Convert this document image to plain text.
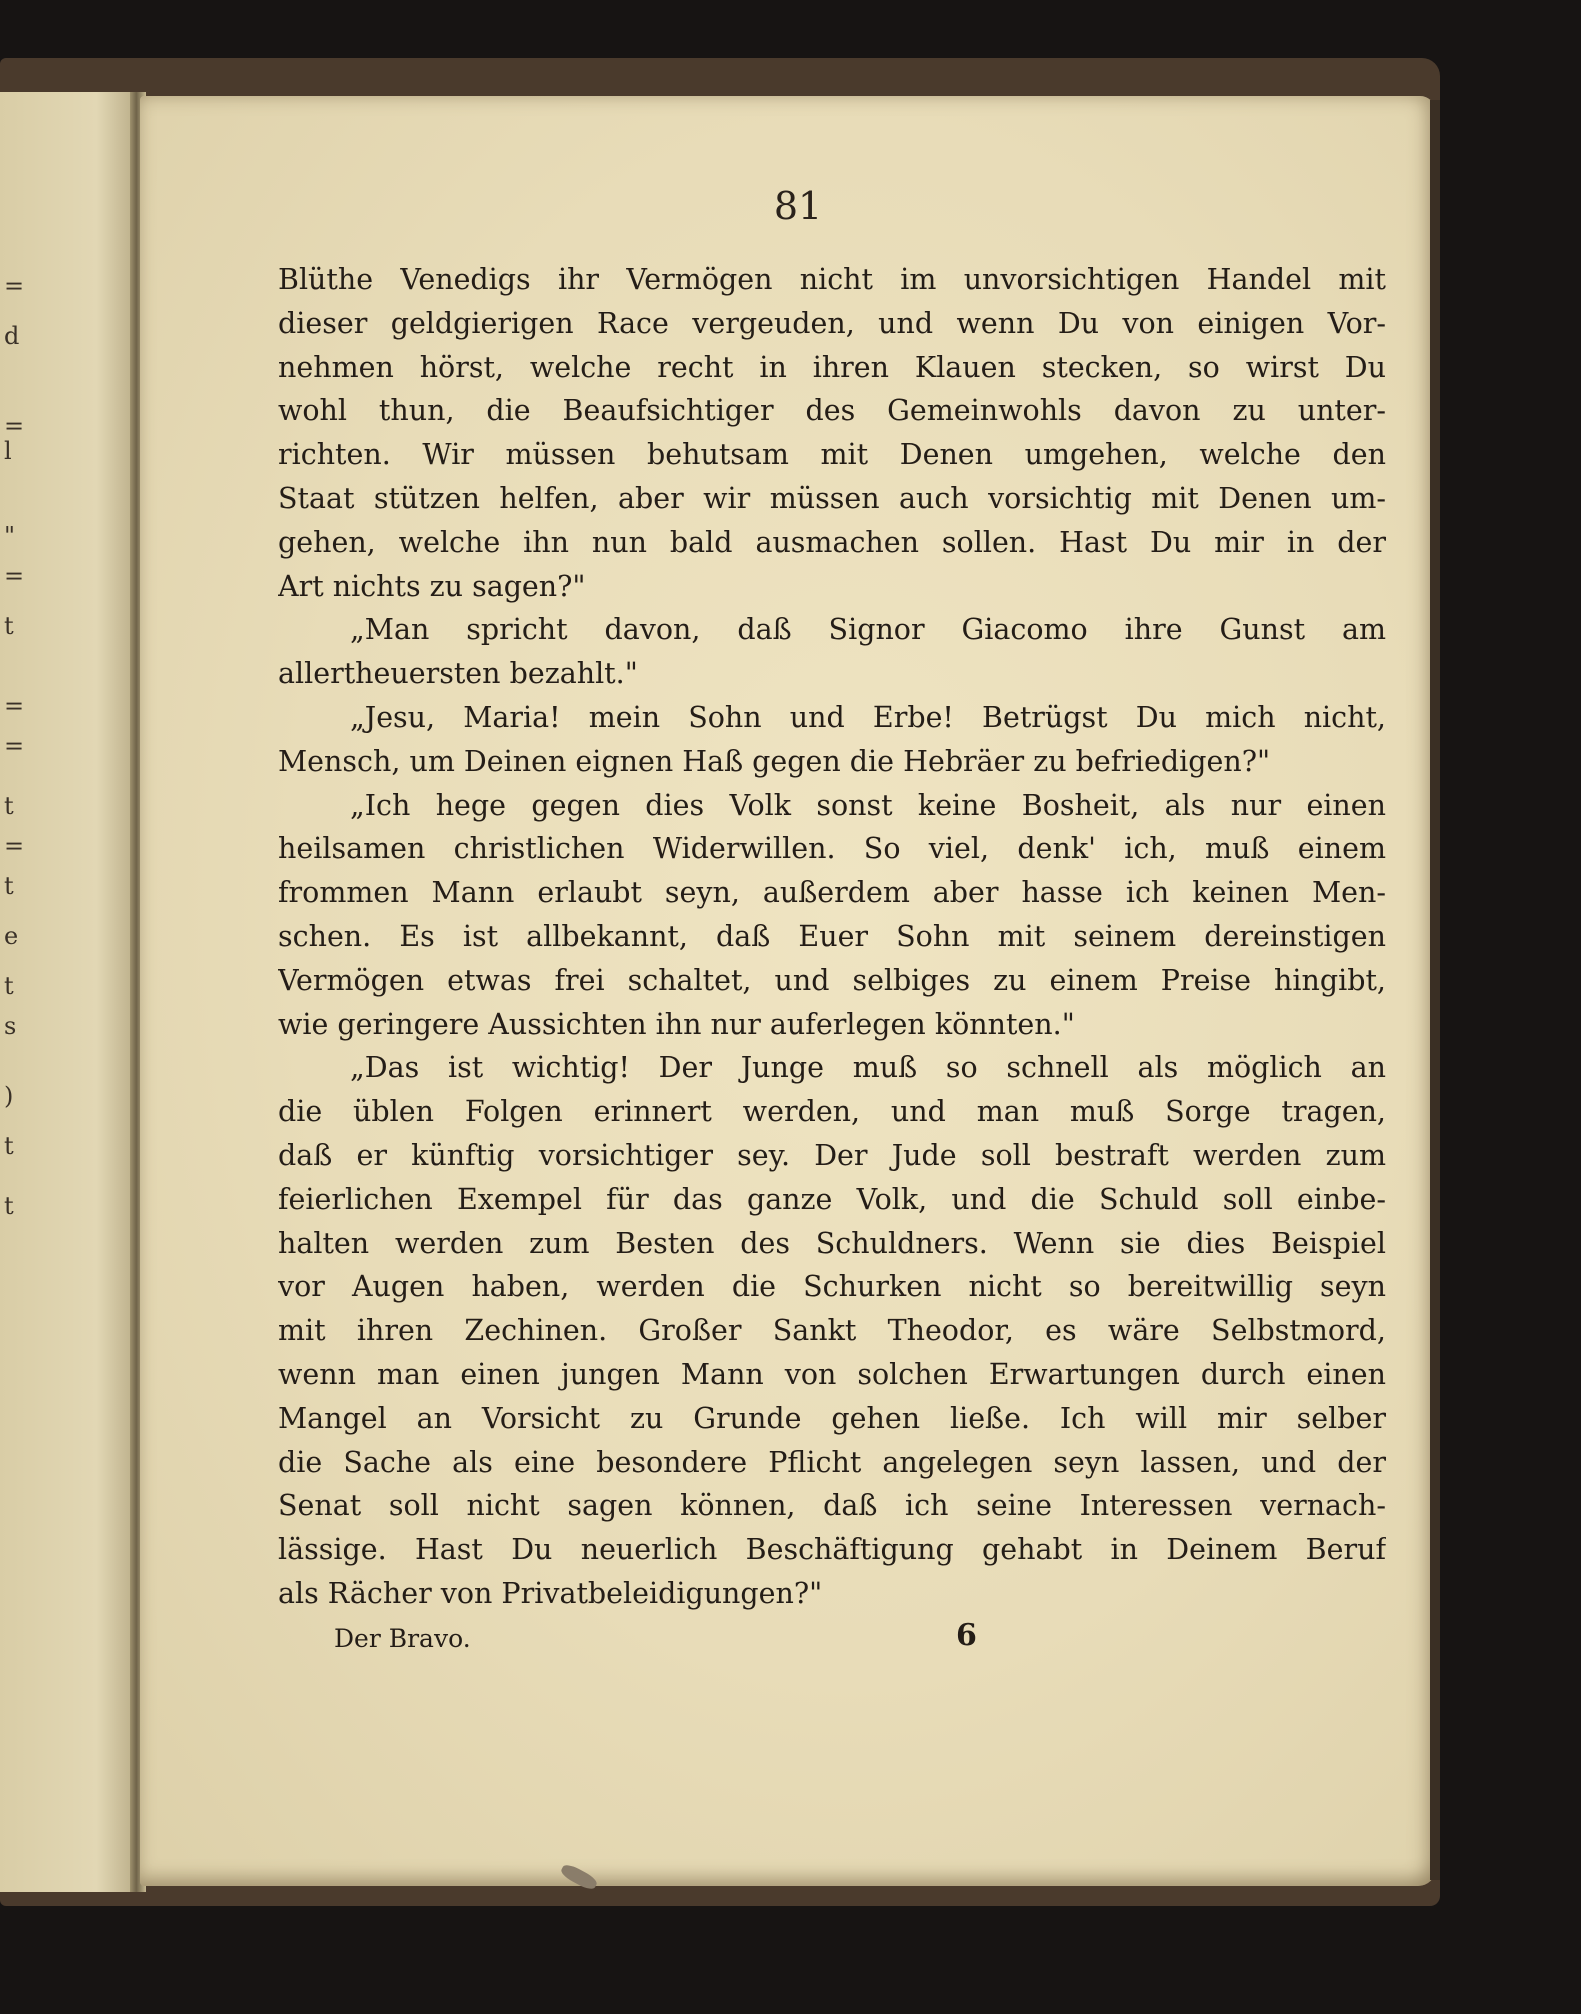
=
d
=
l
"
=
t
=
=
t
=
t
e
t
s
)
t
t
81
Blüthe Venedigs ihr Vermögen nicht im unvorsichtigen Handel mit
dieser geldgierigen Race vergeuden, und wenn Du von einigen Vor-
nehmen hörst, welche recht in ihren Klauen stecken, so wirst Du
wohl thun, die Beaufsichtiger des Gemeinwohls davon zu unter-
richten. Wir müssen behutsam mit Denen umgehen, welche den
Staat stützen helfen, aber wir müssen auch vorsichtig mit Denen um-
gehen, welche ihn nun bald ausmachen sollen. Hast Du mir in der
Art nichts zu sagen?"
„Man spricht davon, daß Signor Giacomo ihre Gunst am
allertheuersten bezahlt."
„Jesu, Maria! mein Sohn und Erbe! Betrügst Du mich nicht,
Mensch, um Deinen eignen Haß gegen die Hebräer zu befriedigen?"
„Ich hege gegen dies Volk sonst keine Bosheit, als nur einen
heilsamen christlichen Widerwillen. So viel, denk' ich, muß einem
frommen Mann erlaubt seyn, außerdem aber hasse ich keinen Men-
schen. Es ist allbekannt, daß Euer Sohn mit seinem dereinstigen
Vermögen etwas frei schaltet, und selbiges zu einem Preise hingibt,
wie geringere Aussichten ihn nur auferlegen könnten."
„Das ist wichtig! Der Junge muß so schnell als möglich an
die üblen Folgen erinnert werden, und man muß Sorge tragen,
daß er künftig vorsichtiger sey. Der Jude soll bestraft werden zum
feierlichen Exempel für das ganze Volk, und die Schuld soll einbe-
halten werden zum Besten des Schuldners. Wenn sie dies Beispiel
vor Augen haben, werden die Schurken nicht so bereitwillig seyn
mit ihren Zechinen. Großer Sankt Theodor, es wäre Selbstmord,
wenn man einen jungen Mann von solchen Erwartungen durch einen
Mangel an Vorsicht zu Grunde gehen ließe. Ich will mir selber
die Sache als eine besondere Pflicht angelegen seyn lassen, und der
Senat soll nicht sagen können, daß ich seine Interessen vernach-
lässige. Hast Du neuerlich Beschäftigung gehabt in Deinem Beruf
als Rächer von Privatbeleidigungen?"
Der Bravo.	6
